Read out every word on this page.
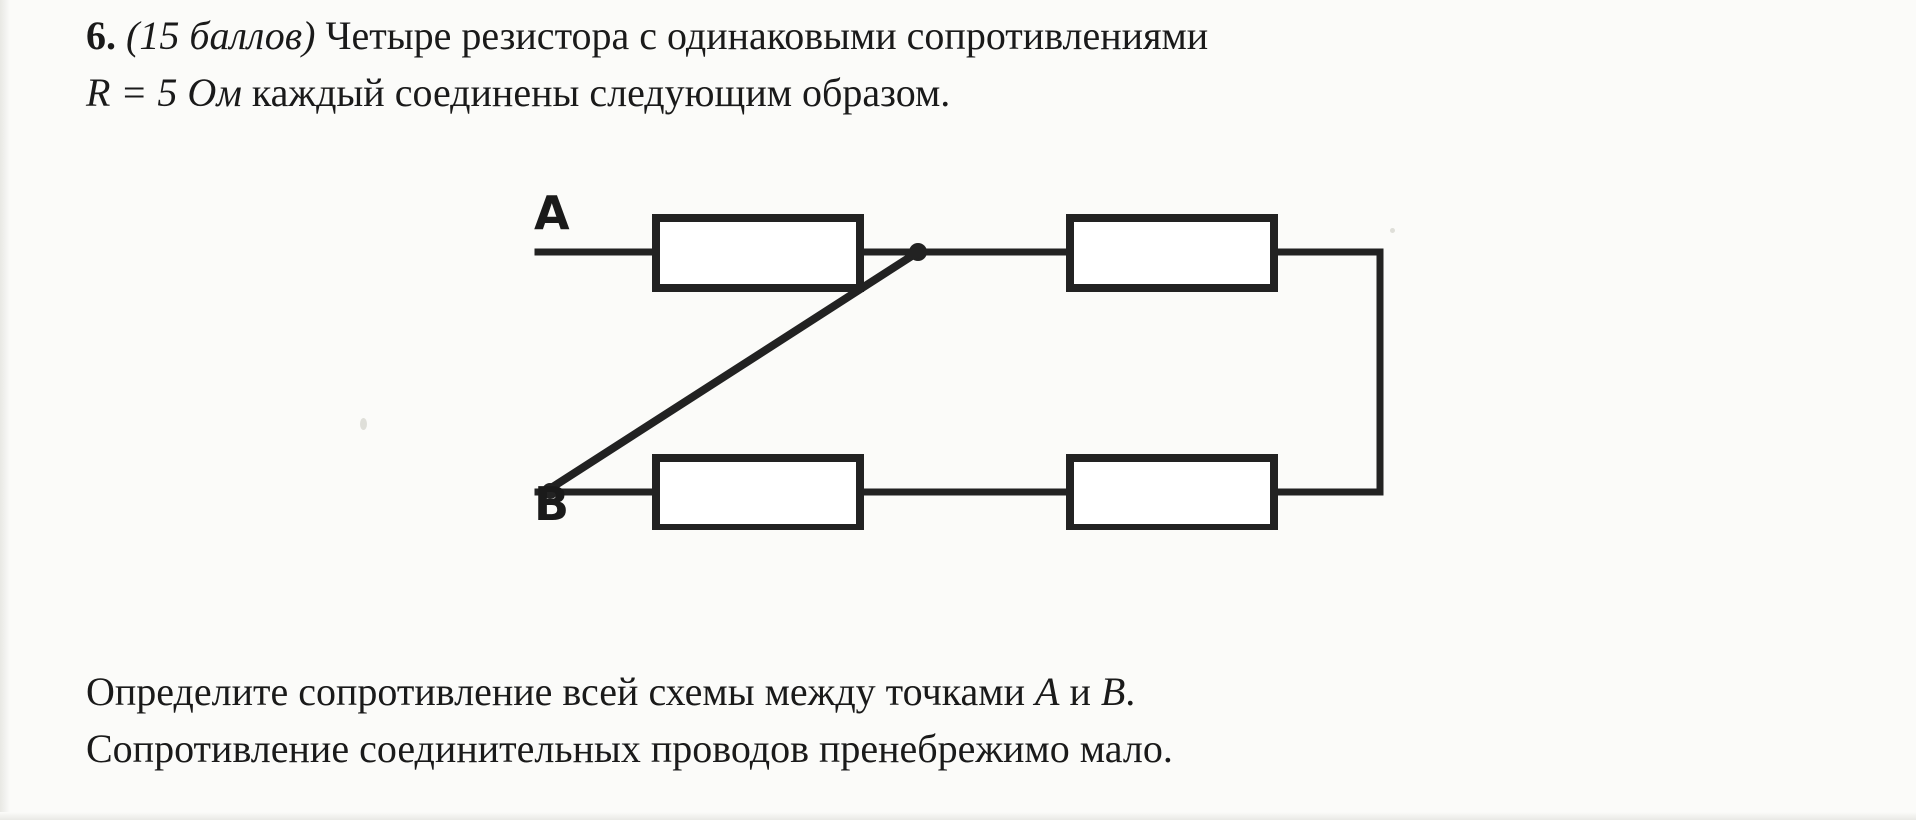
6. (15 баллов) Четыре резистора с одинаковыми сопротивлениями
R = 5 Ом каждый соединены следующим образом.
A
B
Определите сопротивление всей схемы между точками A и B.
Сопротивление соединительных проводов пренебрежимо мало.
